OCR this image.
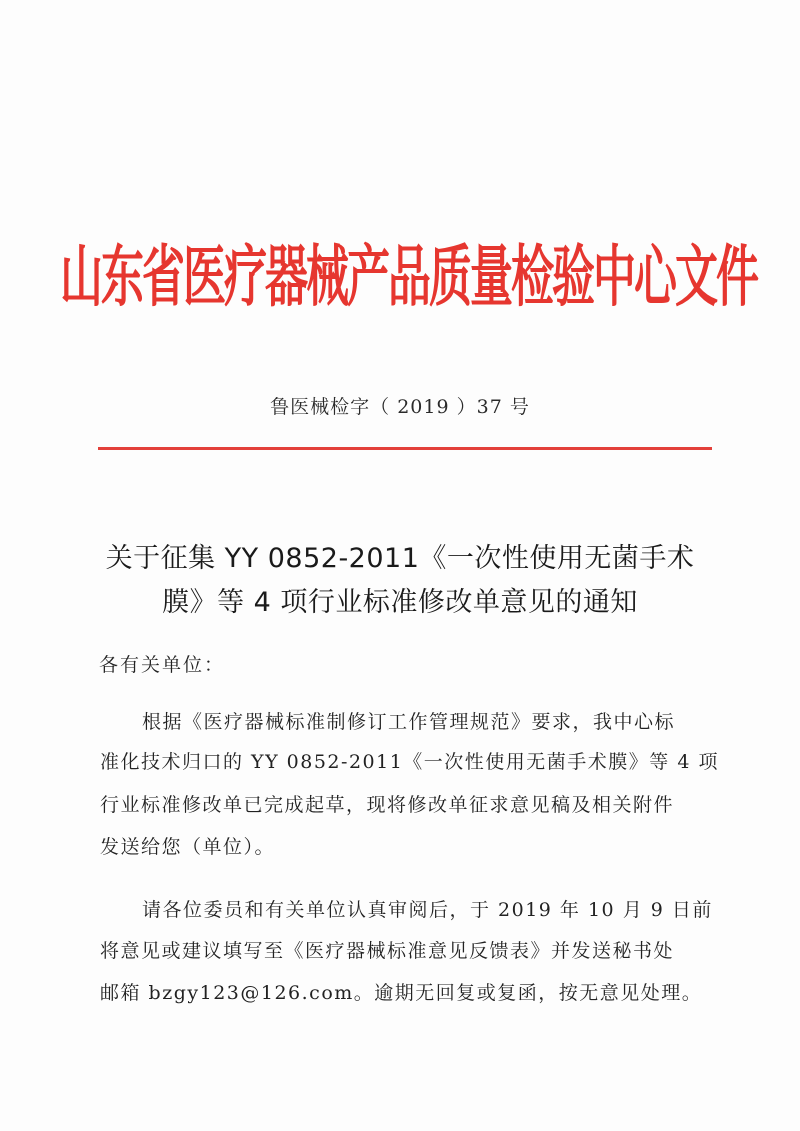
山东省医疗器械产品质量检验中心文件
鲁医械检字（ 2019 ）37 号
关于征集 YY 0852-2011《一次性使用无菌手术
膜》等 4 项行业标准修改单意见的通知
各有关单位：
根据《医疗器械标准制修订工作管理规范》要求，我中心标
准化技术归口的 YY 0852-2011《一次性使用无菌手术膜》等 4 项
行业标准修改单已完成起草，现将修改单征求意见稿及相关附件
发送给您（单位）。
请各位委员和有关单位认真审阅后，于 2019 年 10 月 9 日前
将意见或建议填写至《医疗器械标准意见反馈表》并发送秘书处
邮箱 bzgy123@126.com。逾期无回复或复函，按无意见处理。
